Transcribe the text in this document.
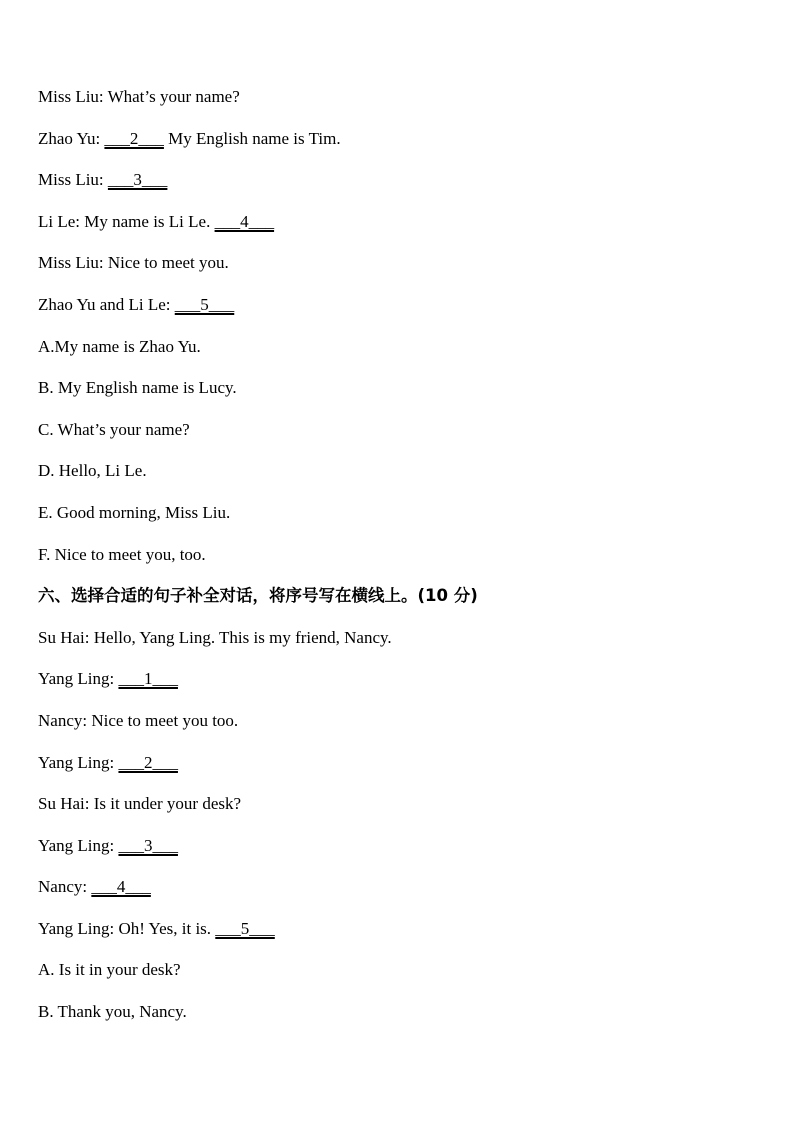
Miss Liu: What’s your name?
Zhao Yu: ___2___ My English name is Tim.
Miss Liu: ___3___
Li Le: My name is Li Le. ___4___
Miss Liu: Nice to meet you.
Zhao Yu and Li Le: ___5___
A.My name is Zhao Yu.
B. My English name is Lucy.
C. What’s your name?
D. Hello, Li Le.
E. Good morning, Miss Liu.
F. Nice to meet you, too.
六、选择合适的句子补全对话，将序号写在横线上。(10 分)
Su Hai: Hello, Yang Ling. This is my friend, Nancy.
Yang Ling: ___1___
Nancy: Nice to meet you too.
Yang Ling: ___2___
Su Hai: Is it under your desk?
Yang Ling: ___3___
Nancy: ___4___
Yang Ling: Oh! Yes, it is. ___5___
A. Is it in your desk?
B. Thank you, Nancy.
